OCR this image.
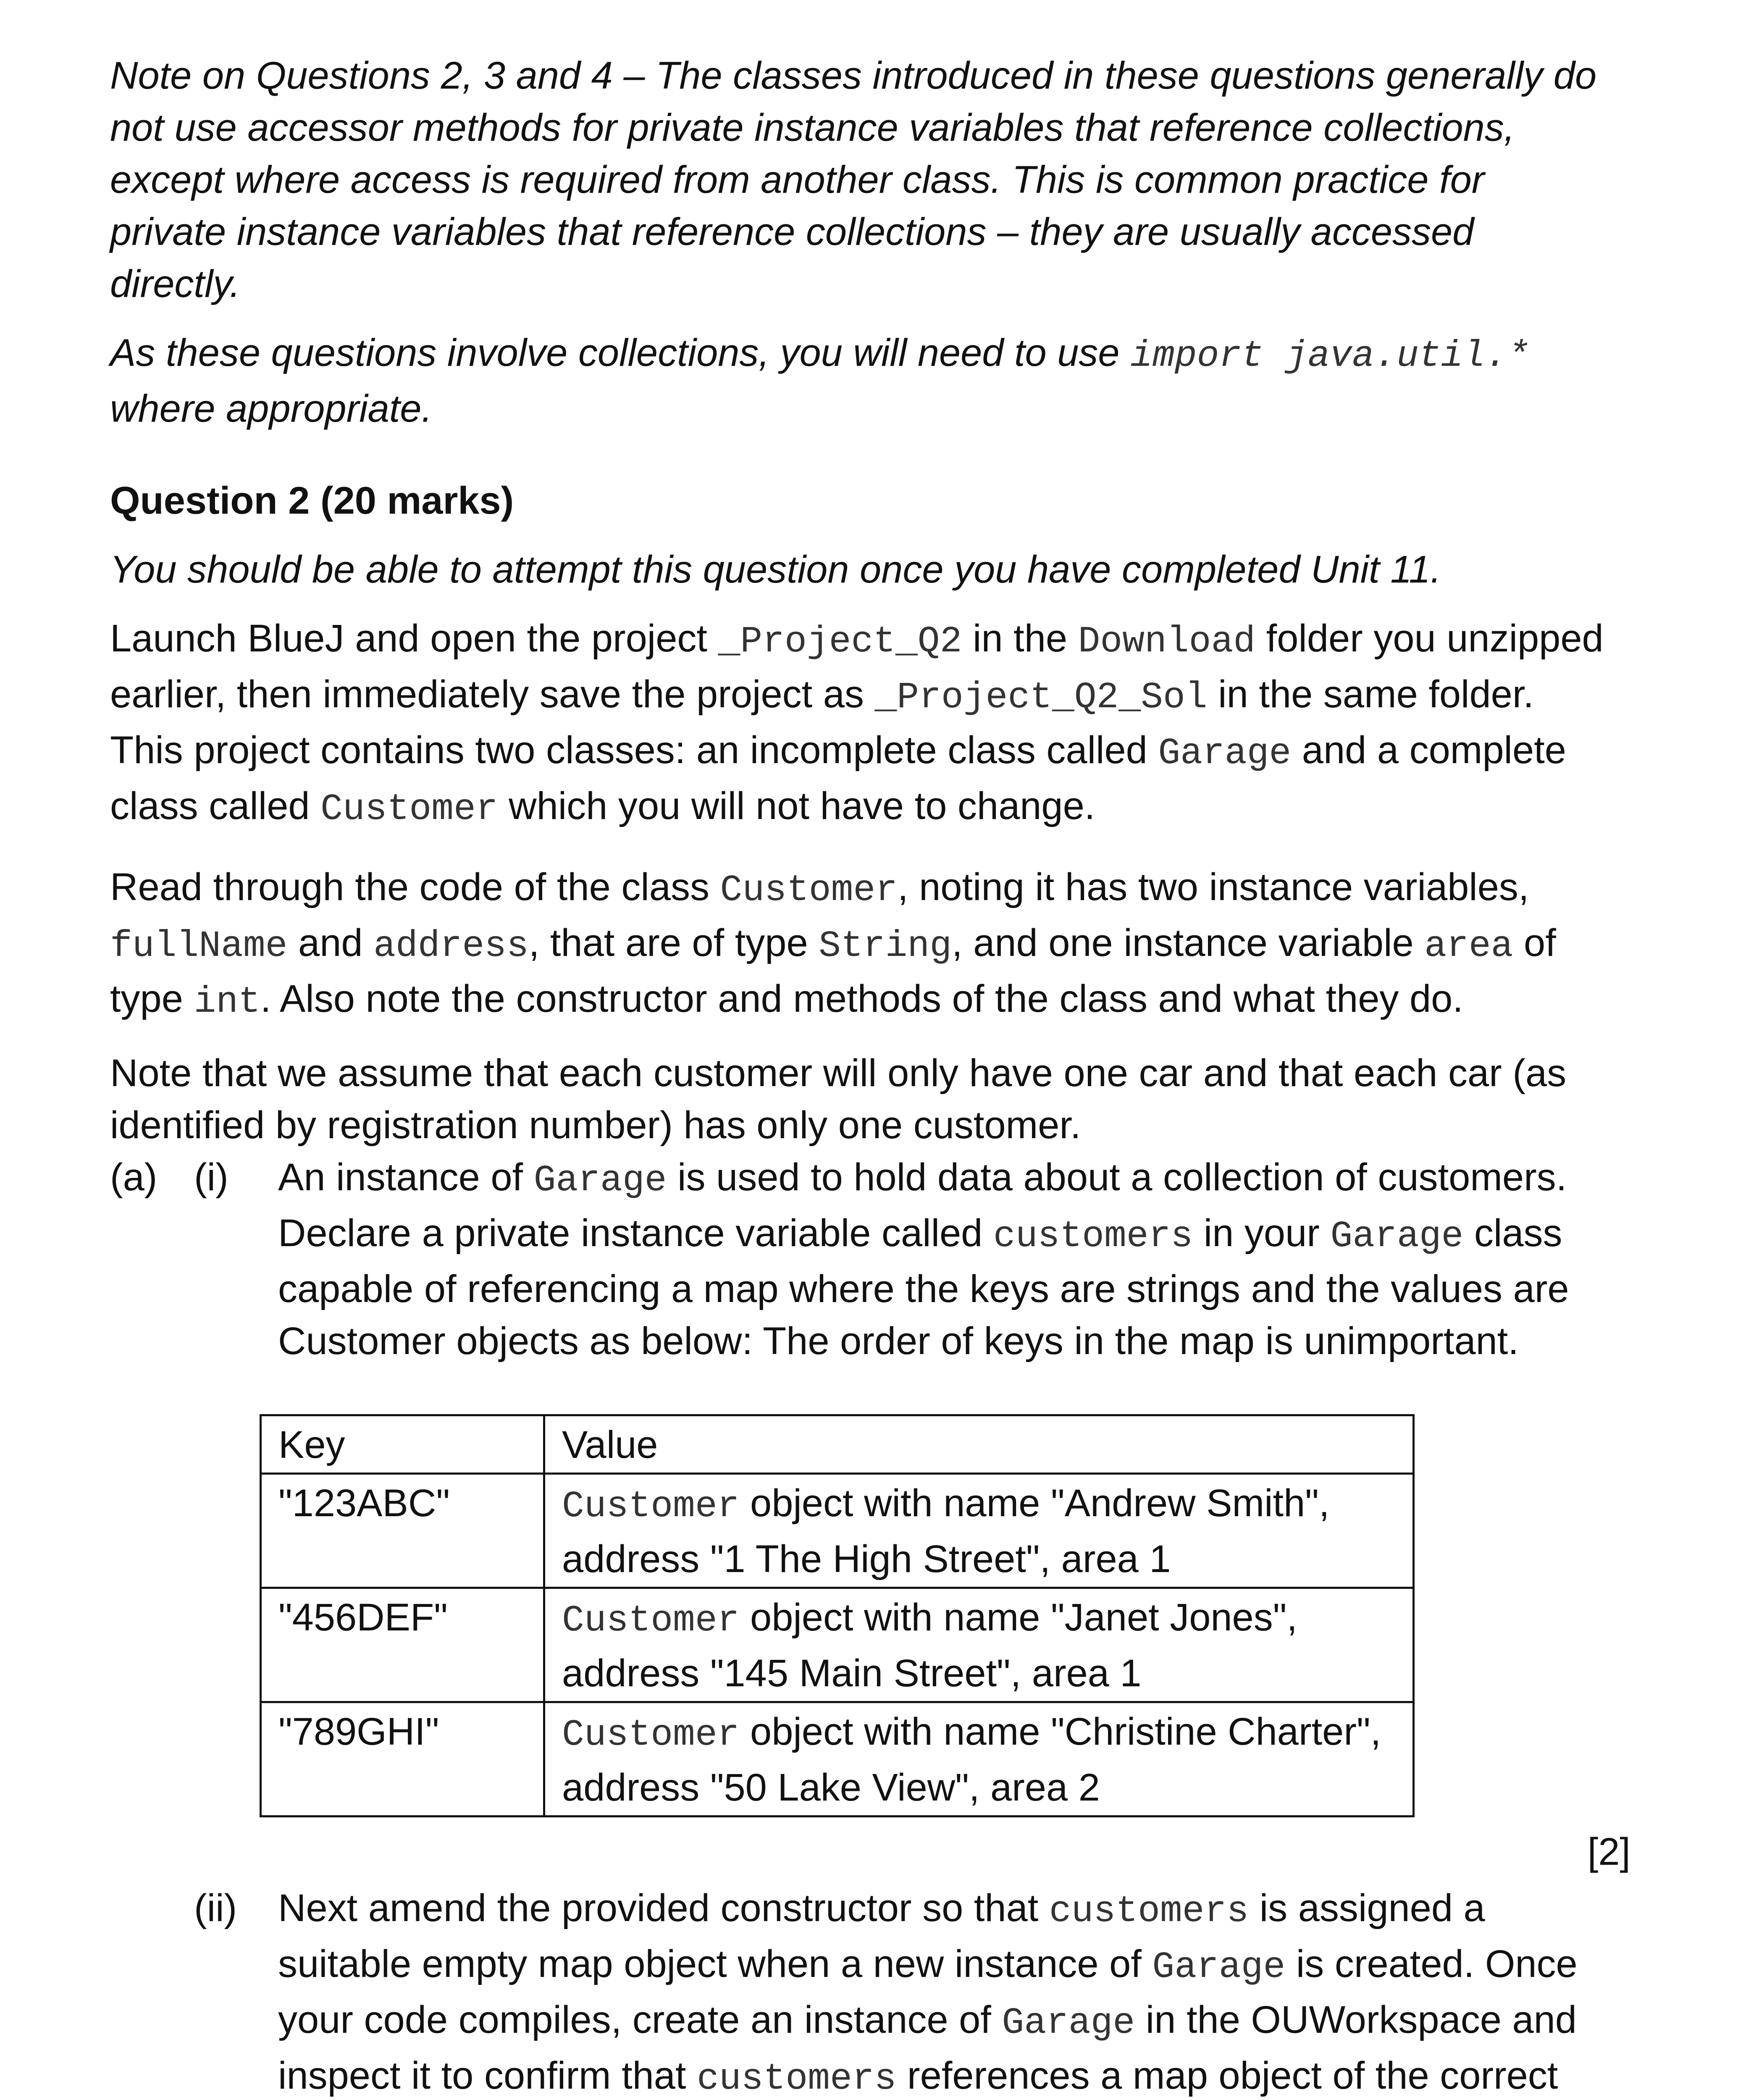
Note on Questions 2, 3 and 4 – The classes introduced in these questions generally do not use accessor methods for private instance variables that reference collections, except where access is required from another class. This is common practice for private instance variables that reference collections – they are usually accessed directly.

As these questions involve collections, you will need to use import java.util.* where appropriate.

Question 2 (20 marks)

You should be able to attempt this question once you have completed Unit 11.

Launch BlueJ and open the project _Project_Q2 in the Download folder you unzipped earlier, then immediately save the project as _Project_Q2_Sol in the same folder. This project contains two classes: an incomplete class called Garage and a complete class called Customer which you will not have to change.

Read through the code of the class Customer, noting it has two instance variables, fullName and address, that are of type String, and one instance variable area of type int. Also note the constructor and methods of the class and what they do.

Note that we assume that each customer will only have one car and that each car (as identified by registration number) has only one customer.

(a) (i) An instance of Garage is used to hold data about a collection of customers. Declare a private instance variable called customers in your Garage class capable of referencing a map where the keys are strings and the values are Customer objects as below: The order of keys in the map is unimportant.
Key	Value
"123ABC"	Customer object with name "Andrew Smith", address "1 The High Street", area 1
"456DEF"	Customer object with name "Janet Jones", address "145 Main Street", area 1
"789GHI"	Customer object with name "Christine Charter", address "50 Lake View", area 2
[2]
(ii) Next amend the provided constructor so that customers is assigned a suitable empty map object when a new instance of Garage is created. Once your code compiles, create an instance of Garage in the OUWorkspace and inspect it to confirm that customers references a map object of the correct
